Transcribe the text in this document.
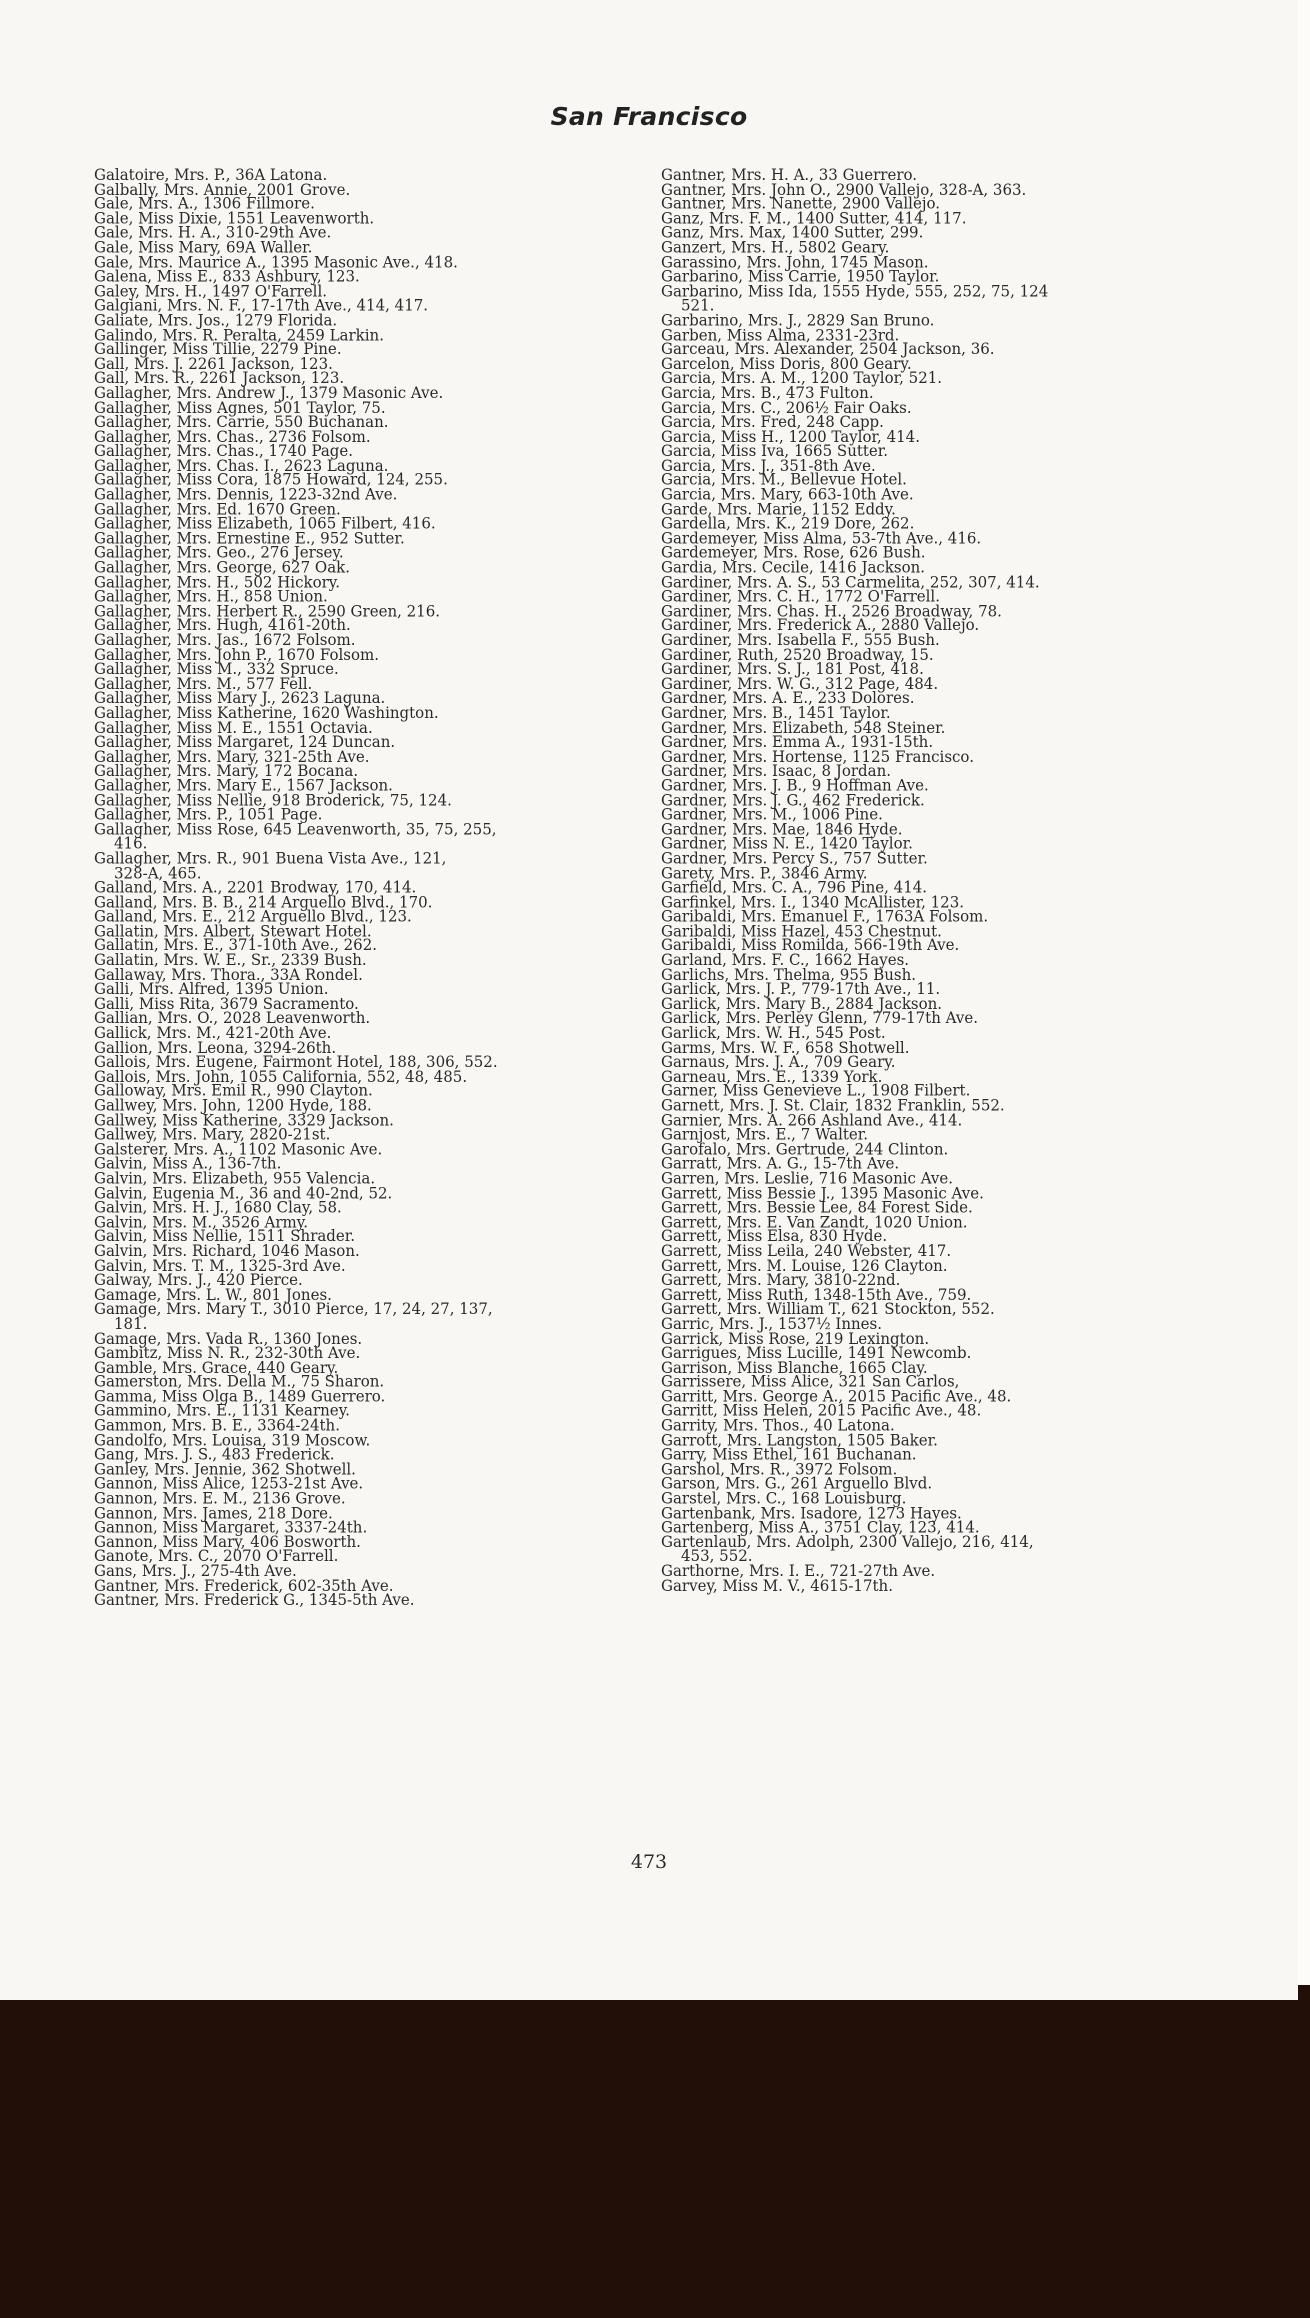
San Francisco
Galatoire, Mrs. P., 36A Latona.
Galbally, Mrs. Annie, 2001 Grove.
Gale, Mrs. A., 1306 Fillmore.
Gale, Miss Dixie, 1551 Leavenworth.
Gale, Mrs. H. A., 310-29th Ave.
Gale, Miss Mary, 69A Waller.
Gale, Mrs. Maurice A., 1395 Masonic Ave., 418.
Galena, Miss E., 833 Ashbury, 123.
Galey, Mrs. H., 1497 O'Farrell.
Galgiani, Mrs. N. F., 17-17th Ave., 414, 417.
Galiate, Mrs. Jos., 1279 Florida.
Galindo, Mrs. R. Peralta, 2459 Larkin.
Gallinger, Miss Tillie, 2279 Pine.
Gall, Mrs. J. 2261 Jackson, 123.
Gall, Mrs. R., 2261 Jackson, 123.
Gallagher, Mrs. Andrew J., 1379 Masonic Ave.
Gallagher, Miss Agnes, 501 Taylor, 75.
Gallagher, Mrs. Carrie, 550 Buchanan.
Gallagher, Mrs. Chas., 2736 Folsom.
Gallagher, Mrs. Chas., 1740 Page.
Gallagher, Mrs. Chas. I., 2623 Laguna.
Gallagher, Miss Cora, 1875 Howard, 124, 255.
Gallagher, Mrs. Dennis, 1223-32nd Ave.
Gallagher, Mrs. Ed. 1670 Green.
Gallagher, Miss Elizabeth, 1065 Filbert, 416.
Gallagher, Mrs. Ernestine E., 952 Sutter.
Gallagher, Mrs. Geo., 276 Jersey.
Gallagher, Mrs. George, 627 Oak.
Gallagher, Mrs. H., 502 Hickory.
Gallagher, Mrs. H., 858 Union.
Gallagher, Mrs. Herbert R., 2590 Green, 216.
Gallagher, Mrs. Hugh, 4161-20th.
Gallagher, Mrs. Jas., 1672 Folsom.
Gallagher, Mrs. John P., 1670 Folsom.
Gallagher, Miss M., 332 Spruce.
Gallagher, Mrs. M., 577 Fell.
Gallagher, Miss Mary J., 2623 Laguna.
Gallagher, Miss Katherine, 1620 Washington.
Gallagher, Miss M. E., 1551 Octavia.
Gallagher, Miss Margaret, 124 Duncan.
Gallagher, Mrs. Mary, 321-25th Ave.
Gallagher, Mrs. Mary, 172 Bocana.
Gallagher, Mrs. Mary E., 1567 Jackson.
Gallagher, Miss Nellie, 918 Broderick, 75, 124.
Gallagher, Mrs. P., 1051 Page.
Gallagher, Miss Rose, 645 Leavenworth, 35, 75, 255,
416.
Gallagher, Mrs. R., 901 Buena Vista Ave., 121,
328-A, 465.
Galland, Mrs. A., 2201 Brodway, 170, 414.
Galland, Mrs. B. B., 214 Arguello Blvd., 170.
Galland, Mrs. E., 212 Arguello Blvd., 123.
Gallatin, Mrs. Albert, Stewart Hotel.
Gallatin, Mrs. E., 371-10th Ave., 262.
Gallatin, Mrs. W. E., Sr., 2339 Bush.
Gallaway, Mrs. Thora., 33A Rondel.
Galli, Mrs. Alfred, 1395 Union.
Galli, Miss Rita, 3679 Sacramento.
Gallian, Mrs. O., 2028 Leavenworth.
Gallick, Mrs. M., 421-20th Ave.
Gallion, Mrs. Leona, 3294-26th.
Gallois, Mrs. Eugene, Fairmont Hotel, 188, 306, 552.
Gallois, Mrs. John, 1055 California, 552, 48, 485.
Galloway, Mrs. Emil R., 990 Clayton.
Gallwey, Mrs. John, 1200 Hyde, 188.
Gallwey, Miss Katherine, 3329 Jackson.
Gallwey, Mrs. Mary, 2820-21st.
Galsterer, Mrs. A., 1102 Masonic Ave.
Galvin, Miss A., 136-7th.
Galvin, Mrs. Elizabeth, 955 Valencia.
Galvin, Eugenia M., 36 and 40-2nd, 52.
Galvin, Mrs. H. J., 1680 Clay, 58.
Galvin, Mrs. M., 3526 Army.
Galvin, Miss Nellie, 1511 Shrader.
Galvin, Mrs. Richard, 1046 Mason.
Galvin, Mrs. T. M., 1325-3rd Ave.
Galway, Mrs. J., 420 Pierce.
Gamage, Mrs. L. W., 801 Jones.
Gamage, Mrs. Mary T., 3010 Pierce, 17, 24, 27, 137,
181.
Gamage, Mrs. Vada R., 1360 Jones.
Gambitz, Miss N. R., 232-30th Ave.
Gamble, Mrs. Grace, 440 Geary.
Gamerston, Mrs. Della M., 75 Sharon.
Gamma, Miss Olga B., 1489 Guerrero.
Gammino, Mrs. E., 1131 Kearney.
Gammon, Mrs. B. E., 3364-24th.
Gandolfo, Mrs. Louisa, 319 Moscow.
Gang, Mrs. J. S., 483 Frederick.
Ganley, Mrs. Jennie, 362 Shotwell.
Gannon, Miss Alice, 1253-21st Ave.
Gannon, Mrs. E. M., 2136 Grove.
Gannon, Mrs. James, 218 Dore.
Gannon, Miss Margaret, 3337-24th.
Gannon, Miss Mary, 406 Bosworth.
Ganote, Mrs. C., 2070 O'Farrell.
Gans, Mrs. J., 275-4th Ave.
Gantner, Mrs. Frederick, 602-35th Ave.
Gantner, Mrs. Frederick G., 1345-5th Ave.
Gantner, Mrs. H. A., 33 Guerrero.
Gantner, Mrs. John O., 2900 Vallejo, 328-A, 363.
Gantner, Mrs. Nanette, 2900 Vallejo.
Ganz, Mrs. F. M., 1400 Sutter, 414, 117.
Ganz, Mrs. Max, 1400 Sutter, 299.
Ganzert, Mrs. H., 5802 Geary.
Garassino, Mrs. John, 1745 Mason.
Garbarino, Miss Carrie, 1950 Taylor.
Garbarino, Miss Ida, 1555 Hyde, 555, 252, 75, 124
521.
Garbarino, Mrs. J., 2829 San Bruno.
Garben, Miss Alma, 2331-23rd.
Garceau, Mrs. Alexander, 2504 Jackson, 36.
Garcelon, Miss Doris, 800 Geary.
Garcia, Mrs. A. M., 1200 Taylor, 521.
Garcia, Mrs. B., 473 Fulton.
Garcia, Mrs. C., 206½ Fair Oaks.
Garcia, Mrs. Fred, 248 Capp.
Garcia, Miss H., 1200 Taylor, 414.
Garcia, Miss Iva, 1665 Sutter.
Garcia, Mrs. J., 351-8th Ave.
Garcia, Mrs. M., Bellevue Hotel.
Garcia, Mrs. Mary, 663-10th Ave.
Garde, Mrs. Marie, 1152 Eddy.
Gardella, Mrs. K., 219 Dore, 262.
Gardemeyer, Miss Alma, 53-7th Ave., 416.
Gardemeyer, Mrs. Rose, 626 Bush.
Gardia, Mrs. Cecile, 1416 Jackson.
Gardiner, Mrs. A. S., 53 Carmelita, 252, 307, 414.
Gardiner, Mrs. C. H., 1772 O'Farrell.
Gardiner, Mrs. Chas. H., 2526 Broadway, 78.
Gardiner, Mrs. Frederick A., 2880 Vallejo.
Gardiner, Mrs. Isabella F., 555 Bush.
Gardiner, Ruth, 2520 Broadway, 15.
Gardiner, Mrs. S. J., 181 Post, 418.
Gardiner, Mrs. W. G., 312 Page, 484.
Gardner, Mrs. A. E., 233 Dolores.
Gardner, Mrs. B., 1451 Taylor.
Gardner, Mrs. Elizabeth, 548 Steiner.
Gardner, Mrs. Emma A., 1931-15th.
Gardner, Mrs. Hortense, 1125 Francisco.
Gardner, Mrs. Isaac, 8 Jordan.
Gardner, Mrs. J. B., 9 Hoffman Ave.
Gardner, Mrs. J. G., 462 Frederick.
Gardner, Mrs. M., 1006 Pine.
Gardner, Mrs. Mae, 1846 Hyde.
Gardner, Miss N. E., 1420 Taylor.
Gardner, Mrs. Percy S., 757 Sutter.
Garety, Mrs. P., 3846 Army.
Garfield, Mrs. C. A., 796 Pine, 414.
Garfinkel, Mrs. I., 1340 McAllister, 123.
Garibaldi, Mrs. Emanuel F., 1763A Folsom.
Garibaldi, Miss Hazel, 453 Chestnut.
Garibaldi, Miss Romilda, 566-19th Ave.
Garland, Mrs. F. C., 1662 Hayes.
Garlichs, Mrs. Thelma, 955 Bush.
Garlick, Mrs. J. P., 779-17th Ave., 11.
Garlick, Mrs. Mary B., 2884 Jackson.
Garlick, Mrs. Perley Glenn, 779-17th Ave.
Garlick, Mrs. W. H., 545 Post.
Garms, Mrs. W. F., 658 Shotwell.
Garnaus, Mrs. J. A., 709 Geary.
Garneau, Mrs. E., 1339 York.
Garner, Miss Genevieve L., 1908 Filbert.
Garnett, Mrs. J. St. Clair, 1832 Franklin, 552.
Garnier, Mrs. A. 266 Ashland Ave., 414.
Garnjost, Mrs. E., 7 Walter.
Garofalo, Mrs. Gertrude, 244 Clinton.
Garratt, Mrs. A. G., 15-7th Ave.
Garren, Mrs. Leslie, 716 Masonic Ave.
Garrett, Miss Bessie J., 1395 Masonic Ave.
Garrett, Mrs. Bessie Lee, 84 Forest Side.
Garrett, Mrs. E. Van Zandt, 1020 Union.
Garrett, Miss Elsa, 830 Hyde.
Garrett, Miss Leila, 240 Webster, 417.
Garrett, Mrs. M. Louise, 126 Clayton.
Garrett, Mrs. Mary, 3810-22nd.
Garrett, Miss Ruth, 1348-15th Ave., 759.
Garrett, Mrs. William T., 621 Stockton, 552.
Garric, Mrs. J., 1537½ Innes.
Garrick, Miss Rose, 219 Lexington.
Garrigues, Miss Lucille, 1491 Newcomb.
Garrison, Miss Blanche, 1665 Clay.
Garrissere, Miss Alice, 321 San Carlos,
Garritt, Mrs. George A., 2015 Pacific Ave., 48.
Garritt, Miss Helen, 2015 Pacific Ave., 48.
Garrity, Mrs. Thos., 40 Latona.
Garrott, Mrs. Langston, 1505 Baker.
Garry, Miss Ethel, 161 Buchanan.
Garshol, Mrs. R., 3972 Folsom.
Garson, Mrs. G., 261 Arguello Blvd.
Garstel, Mrs. C., 168 Louisburg.
Gartenbank, Mrs. Isadore, 1273 Hayes.
Gartenberg, Miss A., 3751 Clay, 123, 414.
Gartenlaub, Mrs. Adolph, 2300 Vallejo, 216, 414,
453, 552.
Garthorne, Mrs. I. E., 721-27th Ave.
Garvey, Miss M. V., 4615-17th.
473
